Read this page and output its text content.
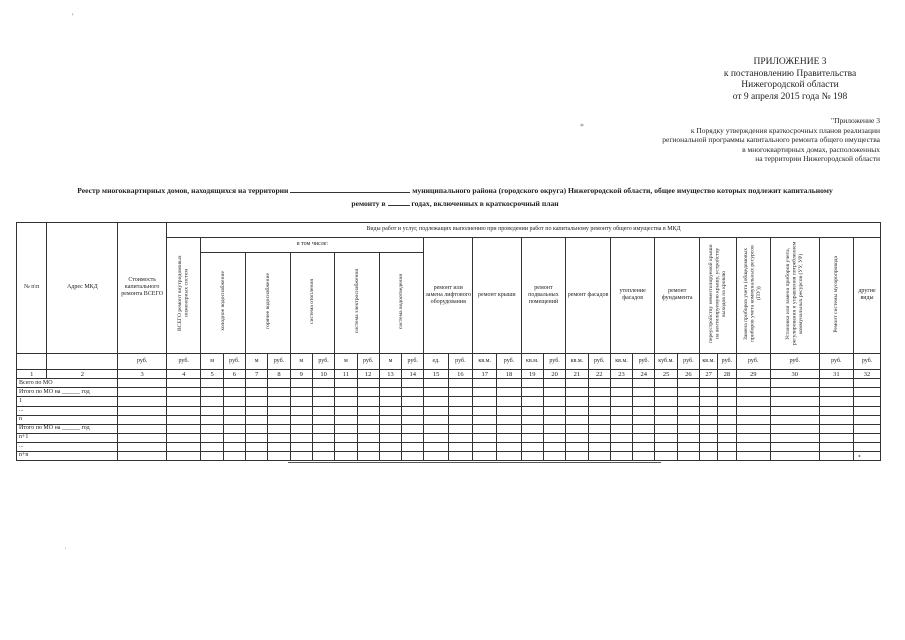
ПРИЛОЖЕНИЕ 3
к постановлению Правительства
Нижегородской области
от 9 апреля 2015 года № 198
"Приложение 3
к Порядку утверждения краткосрочных планов реализации
региональной программы капитального ремонта общего имущества
в многоквартирных домах, расположенных
на территории Нижегородской области
Реестр многоквартирных домов, находящихся на территории	муниципального района (городского округа) Нижегородской области, общее имущество которых подлежит капитальному
ремонту в	годах, включенных в краткосрочный план
№ п\п	Адрес МКД	Стоимость капитального ремонта ВСЕГО	Виды работ и услуг, подлежащих выполнению при проведении работ по капитальному ремонту общего имущества в МКД																												
			ВСЕГО ремонт внутридомовых инженерных систем	в том числе:										ремонт или замена лифтового оборудования		ремонт крыши		ремонт подвальных помещений		ремонт фасадов		утепление фасадов		ремонт фундамента		переустройству невентилируемой крыши на вентилируемую крышу, устройству выходов на кровлю		Замена приборов учета (общедомовых приборов учета коммунальных ресурсов (ПУ))	Установка или замена приборов учета, регулирования и управления потреблением коммунальных ресурсов (УУ, УР)	Ремонт системы мусоропровода	другие виды
				холодное водоснабжение		горячее водоснабжение		система отопления		система электроснабжения		система водоотведения																			
		руб.	руб.	м	руб.	м	руб.	м	руб.	м	руб.	м	руб.	ед.	руб.	кв.м.	руб.	кв.м.	руб.	кв.м.	руб.	кв.м.	руб.	куб.м.	руб.	кв.м.	руб.	руб.	руб.	руб.	руб.
1	2	3	4	5	6	7	8	9	10	11	12	13	14	15	16	17	18	19	20	21	22	23	24	25	26	27	28	29	30	31	32
Всего по МО																															
Итого по МО на ______ год																															
1																															
...																															
n																															
Итого по МО на ______ год																															
n+1																															
...																															
n+n																															
'
*
•
ˌ
